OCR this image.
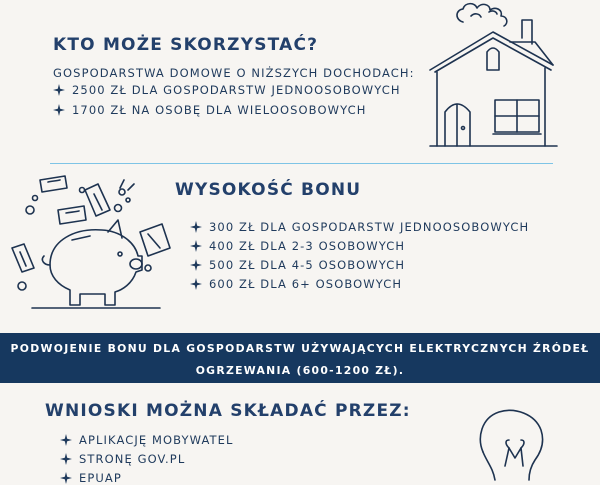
KTO MOŻE SKORZYSTAĆ?
GOSPODARSTWA DOMOWE O NIŻSZYCH DOCHODACH:
2500 ZŁ DLA GOSPODARSTW JEDNOOSOBOWYCH
1700 ZŁ NA OSOBĘ DLA WIELOOSOBOWYCH
WYSOKOŚĆ BONU
300 ZŁ DLA GOSPODARSTW JEDNOOSOBOWYCH
400 ZŁ DLA 2-3 OSOBOWYCH
500 ZŁ DLA 4-5 OSOBOWYCH
600 ZŁ DLA 6+ OSOBOWYCH
PODWOJENIE BONU DLA GOSPODARSTW UŻYWAJĄCYCH ELEKTRYCZNYCH ŹRÓDEŁ
OGRZEWANIA (600-1200 ZŁ).
WNIOSKI MOŻNA SKŁADAĆ PRZEZ:
APLIKACJĘ MOBYWATEL
STRONĘ GOV.PL
EPUAP
